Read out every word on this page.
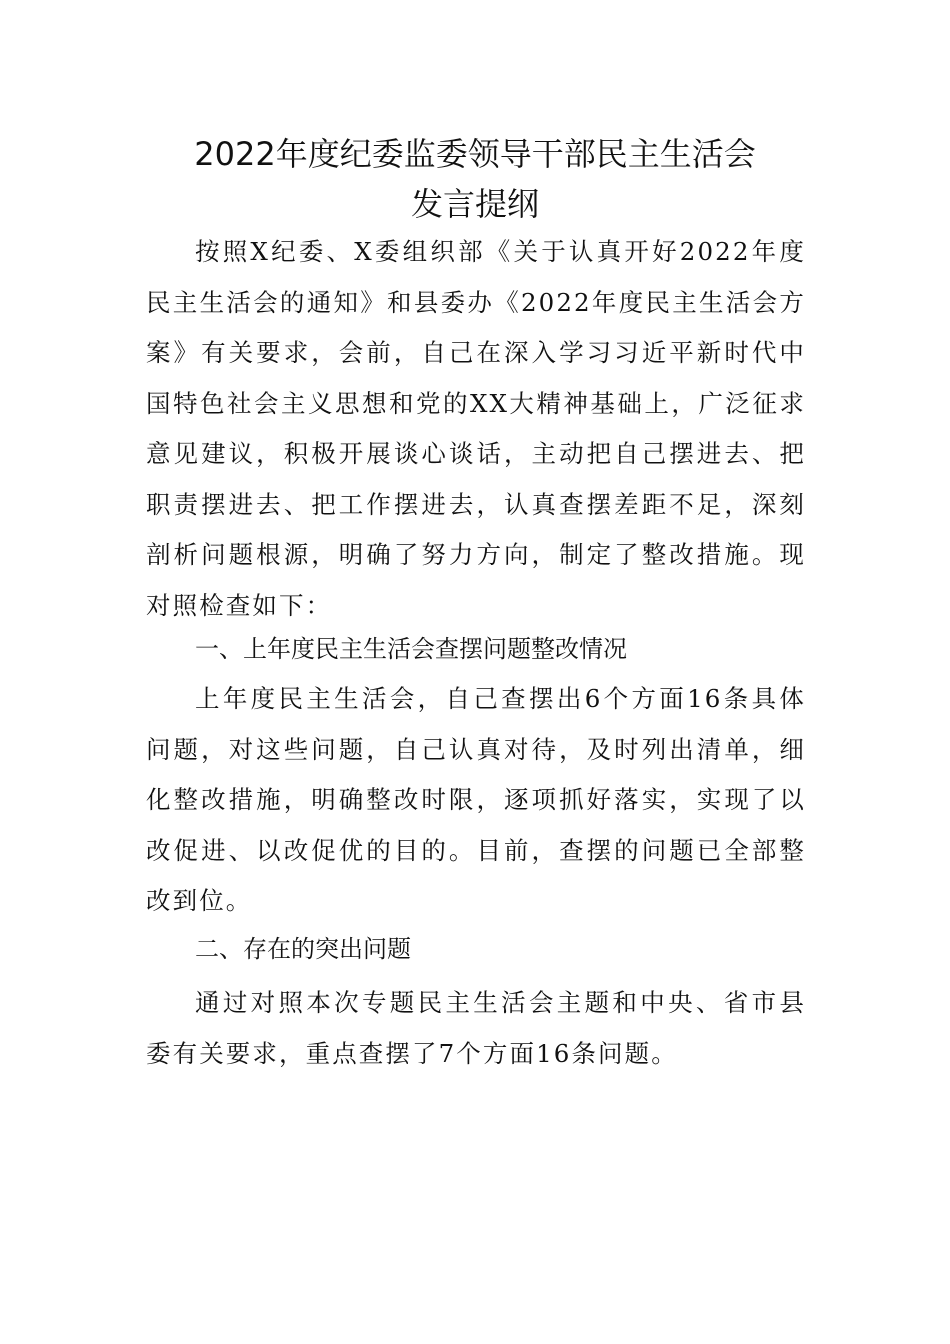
2022年度纪委监委领导干部民主生活会
发言提纲

按照X纪委、X委组织部《关于认真开好2022年度民主生活会的通知》和县委办《2022年度民主生活会方案》有关要求，会前，自己在深入学习习近平新时代中国特色社会主义思想和党的XX大精神基础上，广泛征求意见建议，积极开展谈心谈话，主动把自己摆进去、把职责摆进去、把工作摆进去，认真查摆差距不足，深刻剖析问题根源，明确了努力方向，制定了整改措施。现对照检查如下：

一、上年度民主生活会查摆问题整改情况

上年度民主生活会，自己查摆出6个方面16条具体问题，对这些问题，自己认真对待，及时列出清单，细化整改措施，明确整改时限，逐项抓好落实，实现了以改促进、以改促优的目的。目前，查摆的问题已全部整改到位。

二、存在的突出问题

通过对照本次专题民主生活会主题和中央、省市县委有关要求，重点查摆了7个方面16条问题。
